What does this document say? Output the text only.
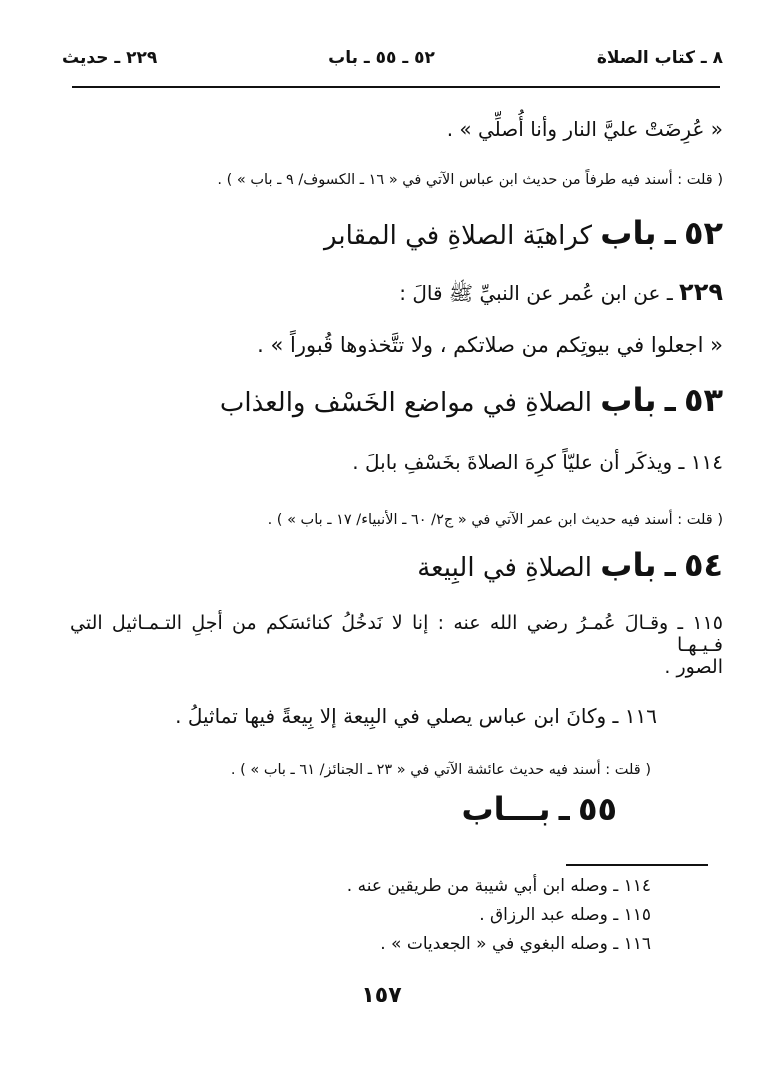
٨ ـ كتاب الصلاة
٥٢ ـ ٥٥ ـ باب
٢٢٩ ـ حديث
« عُرِضَتْ عليَّ النار وأنا أُصلِّي » .
( قلت : أسند فيه طرفاً من حديث ابن عباس الآتي في « ١٦ ـ الكسوف/ ٩ ـ باب » ) .
٥٢ ـ باب كراهيَة الصلاةِ في المقابر
٢٢٩ ـ عن ابن عُمر عن النبيِّ ﷺ قالَ :
« اجعلوا في بيوتِكم من صلاتكم ، ولا تتَّخذوها قُبوراً » .
٥٣ ـ باب الصلاةِ في مواضع الخَسْف والعذاب
١١٤ ـ ويذكَر أن عليّاً كرِهَ الصلاةَ بخَسْفِ بابلَ .
( قلت : أسند فيه حديث ابن عمر الآتي في « ج٢/ ٦٠ ـ الأنبياء/ ١٧ ـ باب » ) .
٥٤ ـ باب الصلاةِ في البِيعة
١١٥ ـ وقـالَ عُمـرُ رضي الله عنه : إنا لا نَدخُلُ كنائسَكم من أجلِ التـمـاثيل التي فـيـهـا
الصور .
١١٦ ـ وكانَ ابن عباس يصلي في البِيعة إلا بِيعةً فيها تماثيلُ .
( قلت : أسند فيه حديث عائشة الآتي في « ٢٣ ـ الجنائز/ ٦١ ـ باب » ) .
٥٥ ـ بـــاب
١١٤ ـ وصله ابن أبي شيبة من طريقين عنه .
١١٥ ـ وصله عبد الرزاق .
١١٦ ـ وصله البغوي في « الجعديات » .
١٥٧
